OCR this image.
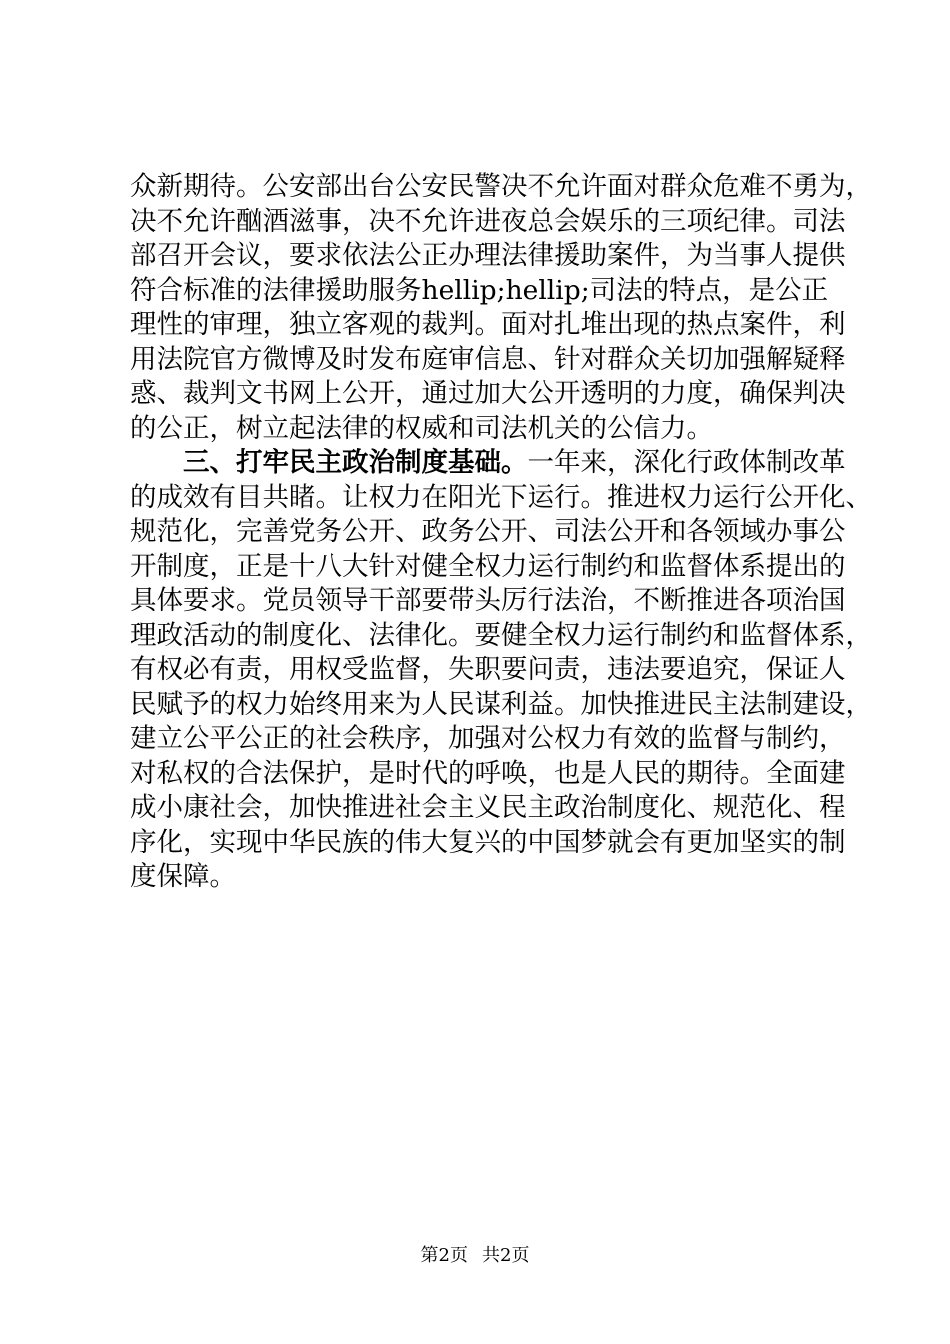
众新期待。公安部出台公安民警决不允许面对群众危难不勇为，
决不允许酗酒滋事，决不允许进夜总会娱乐的三项纪律。司法
部召开会议，要求依法公正办理法律援助案件，为当事人提供
符合标准的法律援助服务hellip;hellip;司法的特点，是公正
理性的审理，独立客观的裁判。面对扎堆出现的热点案件，利
用法院官方微博及时发布庭审信息、针对群众关切加强解疑释
惑、裁判文书网上公开，通过加大公开透明的力度，确保判决
的公正，树立起法律的权威和司法机关的公信力。
三、打牢民主政治制度基础。一年来，深化行政体制改革
的成效有目共睹。让权力在阳光下运行。推进权力运行公开化、
规范化，完善党务公开、政务公开、司法公开和各领域办事公
开制度，正是十八大针对健全权力运行制约和监督体系提出的
具体要求。党员领导干部要带头厉行法治，不断推进各项治国
理政活动的制度化、法律化。要健全权力运行制约和监督体系，
有权必有责，用权受监督，失职要问责，违法要追究，保证人
民赋予的权力始终用来为人民谋利益。加快推进民主法制建设，
建立公平公正的社会秩序，加强对公权力有效的监督与制约，
对私权的合法保护，是时代的呼唤，也是人民的期待。全面建
成小康社会，加快推进社会主义民主政治制度化、规范化、程
序化，实现中华民族的伟大复兴的中国梦就会有更加坚实的制
度保障。
第2页 共2页
